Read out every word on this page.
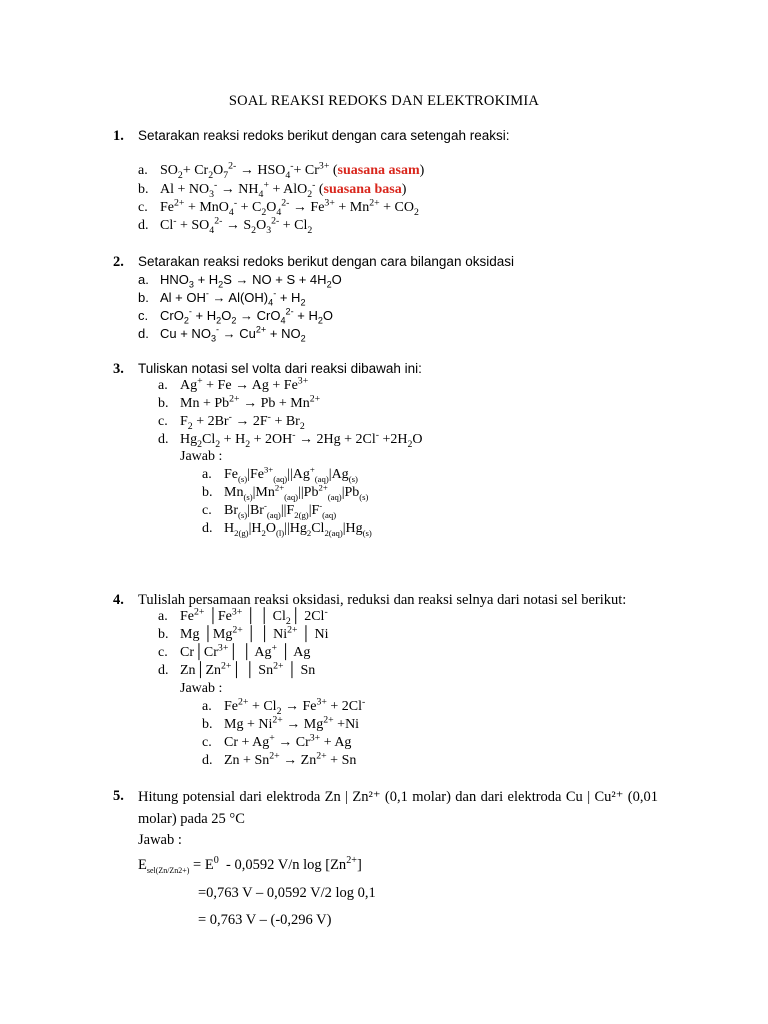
SOAL REAKSI REDOKS DAN ELEKTROKIMIA
1. Setarakan reaksi redoks berikut dengan cara setengah reaksi:
a. $SO_2+ Cr_2O_7^{2-} \to HSO_4^-+ Cr^{3+}$ (suasana asam)
b. $Al + NO_3^- \to NH_4^+ + AlO_2^-$ (suasana basa)
c. $Fe^{2+} + MnO_4^- + C_2O_4^{2-} \to Fe^{3+} + Mn^{2+} + CO_2$
d. $Cl^- + SO_4^{2-} \to S_2O_3^{2-} + Cl_2$
2. Setarakan reaksi redoks berikut dengan cara bilangan oksidasi
a. $HNO_3 + H_2S$ → NO + $S + 4H_2O$
b. $Al + OH^- \to Al(OH)_4^- + H_2$
c. $CrO_2^- + H_2O_2 \to CrO_4^{2-} + H_2O$
d. $Cu + NO_3^- \to Cu^{2+} + NO_2$
3. Tuliskan notasi sel volta dari reaksi dibawah ini:
a. $Ag^+ + Fe \to Ag + Fe^{3+}$
b. $Mn + Pb^{2+} \to Pb + Mn^{2+}$
c. $F_2 + 2Br^- \to 2F^- + Br_2$
d. $Hg_2Cl_2 + H_2 + 2OH^- \to 2Hg + 2Cl^- +2H_2O$
Jawab :
a. $Fe_{(s)}|Fe^{3+}_{(aq)}||Ag^+_{(aq)}|Ag_{(s)}$
b. $Mn_{(s)}|Mn^{2+}_{(aq)}||Pb^{2+}_{(aq)}|Pb_{(s)}$
c. $Br_{(s)}|Br^-_{(aq)}||F_{2(g)}|F^-_{(aq)}$
d. $H_{2(g)}|H_2O_{(l)}||Hg_2Cl_{2(aq)}|Hg_{(s)}$
4. Tulislah persamaan reaksi oksidasi, reduksi dan reaksi selnya dari notasi sel berikut:
a. $Fe^{2+}$ $│Fe^{3+}$ │ │ $Cl_2│$ 2Cl-
b. Mg $│Mg^{2+}$ │ │ $Ni^{2+}$ │ Ni
c. $Cr│Cr^{3+}│$ │ Ag+ │ Ag
d. $Zn│Zn^{2+}│$ │ $Sn^{2+}$ │ Sn
Jawab :
a. $Fe^{2+} + Cl_2 \to Fe^{3+} + 2Cl^-$
b. $Mg + Ni^{2+} \to Mg^{2+} +Ni$
c. $Cr + Ag^+ \to Cr^{3+} + Ag$
d. $Zn + Sn^{2+} \to Zn^{2+} + Sn$
5. Hitung potensial dari elektroda Zn | Zn²⁺ (0,1 molar) dan dari elektroda Cu | Cu²⁺ (0,01 molar) pada 25 °C
Jawab :
$E_{sel(Zn/Zn2+)} = E^0 - 0,0592$ V/n $\log [Zn^{2+}]$
=0,763 V – 0,0592 V/2 log 0,1
= 0,763 V – (-0,296 V)
